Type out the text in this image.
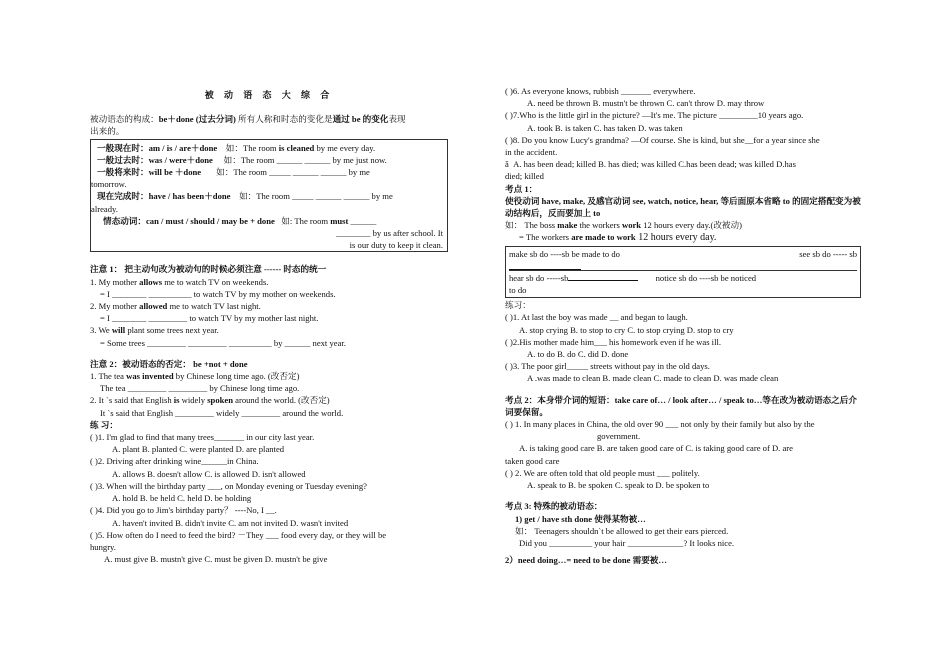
被 动 语 态 大 综 合
被动语态的构成：be＋done (过去分词) 所有人称和时态的变化是通过 be 的变化表现
出来的。
一般现在时：am / is / are＋done 如：The room is cleaned by me every day.
一般过去时：was / were＋done 如：The room ______ ______ by me just now.
一般将来时：will be ＋done 如：The room _____ ______ ______ by me
tomorrow.
现在完成时：have / has been＋done 如：The room _____ ______ ______ by me
already.
情态动词：can / must / should / may be + done 如: The room must ______
________ by us after school. It
is our duty to keep it clean.
注意 1： 把主动句改为被动句的时候必须注意 ------ 时态的统一
1. My mother allows me to watch TV on weekends.
= I ________ __________ to watch TV by my mother on weekends.
2. My mother allowed me to watch TV last night.
= I ________ _________ to watch TV by my mother last night.
3. We will plant some trees next year.
= Some trees _________ _________ __________ by ______ next year.
注意 2：被动语态的否定： be +not + done
1. The tea was invented by Chinese long time ago. (改否定)
The tea _________ _________ by Chinese long time ago.
2. It `s said that English is widely spoken around the world. (改否定)
It `s said that English _________ widely _________ around the world.
练 习：
( )1. I'm glad to find that many trees_______ in our city last year.
A. plant B. planted C. were planted D. are planted
( )2. Driving after drinking wine______in China.
A. allows B. doesn't allow C. is allowed D. isn't allowed
( )3. When will the birthday party ___, on Monday evening or Tuesday evening?
A. hold B. be held C. held D. be holding
( )4. Did you go to Jim's birthday party？ ----No, I __.
A. haven't invited B. didn't invite C. am not invited D. wasn't invited
( )5. How often do I need to feed the bird? －They ___ food every day, or they will be
hungry.
A. must give B. mustn't give C. must be given D. mustn't be give
( )6. As everyone knows, rubbish _______ everywhere.
A. need be thrown B. mustn't be thrown C. can't throw D. may throw
( )7.Who is the little girl in the picture? —It's me. The picture _________10 years ago.
A. took B. is taken C. has taken D. was taken
( )8. Do you know Lucy's grandma? —Of course. She is kind, but she__for a year since she
in the accident.
ǎ A. has been dead; killed B. has died; was killed C.has been dead; was killed D.has
died; killed
考点 1：
使役动词 have, make, 及感官动词 see, watch, notice, hear, 等后面原本省略 to 的固定搭配变为被动结构后，反而要加上 to
如： The boss make the workers work 12 hours every day.(改被动)
= The workers are made to work 12 hours every day.
make sb do ----sb be made to do	see sb do ----- sb
hear sb do -----sb	notice sb do ----sb be noticed
to do
练习：
( )1. At last the boy was made __ and began to laugh.
A. stop crying B. to stop to cry C. to stop crying D. stop to cry
( )2.His mother made him___ his homework even if he was ill.
A. to do B. do C. did D. done
( )3. The poor girl_____ streets without pay in the old days.
A .was made to clean B. made clean C. made to clean D. was made clean
考点 2：本身带介词的短语：take care of… / look after… / speak to…等在改为被动语态之后介词要保留。
( ) 1. In many places in China, the old over 90 ___ not only by their family but also by the
government.
A. is taking good care B. are taken good care of C. is taking good care of D. are
taken good care
( ) 2. We are often told that old people must ___ politely.
A. speak to B. be spoken C. speak to D. be spoken to
考点 3: 特殊的被动语态：
1) get / have sth done 使得某物被…
如： Teenagers shouldn`t be allowed to get their ears pierced.
Did you __________ your hair _____________? It looks nice.
2）need doing…= need to be done 需要被…
